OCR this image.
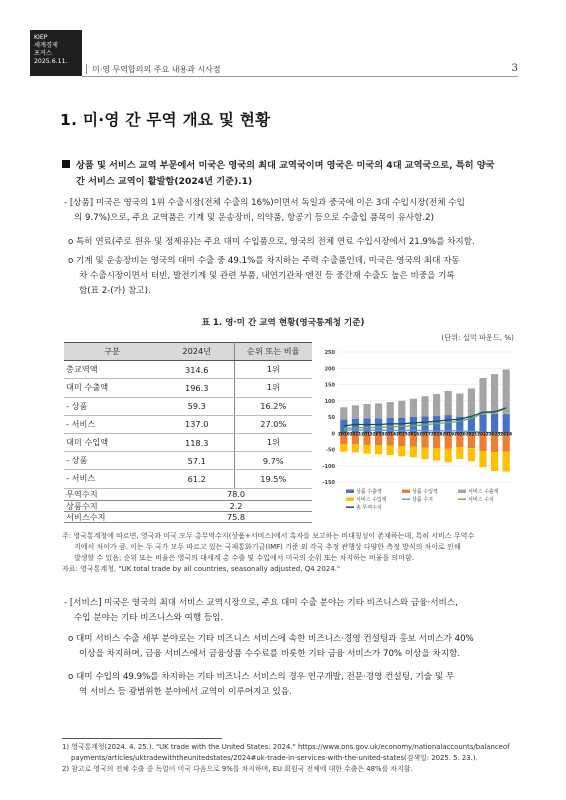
KIEP
세계경제
포커스
2025.6.11.
미·영 무역합의의 주요 내용과 시사점	3
1. 미·영 간 무역 개요 및 현황
상품 및 서비스 교역 부문에서 미국은 영국의 최대 교역국이며 영국은 미국의 4대 교역국으로, 특히 양국
간 서비스 교역이 활발함(2024년 기준).1)
- [상품] 미국은 영국의 1위 수출시장(전체 수출의 16%)이면서 독일과 중국에 이은 3대 수입시장(전체 수입
의 9.7%)으로, 주요 교역품은 기계 및 운송장비, 의약품, 항공기 등으로 수출입 품목이 유사함.2)
o 특히 연료(주로 원유 및 정제유)는 주요 대미 수입품으로, 영국의 전체 연료 수입시장에서 21.9%를 차지함.
o 기계 및 운송장비는 영국의 대미 수출 중 49.1%를 차지하는 주력 수출품인데, 미국은 영국의 최대 자동
차 수출시장이면서 터빈, 발전기계 및 관련 부품, 내연기관차 엔진 등 중간재 수출도 높은 비중을 기록
함(표 2-(가) 참고).
표 1. 영·미 간 교역 현황(영국통계청 기준)
(단위: 십억 파운드, %)
구분	2024년	순위 또는 비율
총교역액	314.6	1위
대미 수출액	196.3	1위
- 상품	59.3	16.2%
- 서비스	137.0	27.0%
대미 수입액	118.3	1위
- 상품	57.1	9.7%
- 서비스	61.2	19.5%
무역수지	78.0
상품수지	2.2
서비스수지	75.8
-150
-100
-50
0
50
100
150
200
250
2010 2011 2012 2013 2014 2015 2016 2017 2018 2019 2020 2021 2022 2023 2024
상품 수출액	상품 수입액	서비스 수출액
서비스 수입액	상품 수지	서비스 수지
총 무역수지
주: 영국통계청에 따르면, 영국과 미국 모두 총무역수지(상품+서비스)에서 흑자를 보고하는 비대칭성이 존재하는데, 특히 서비스 무역수
지에서 차이가 큼. 이는 두 국가 모두 따르고 있는 국제통화기금(IMF) 기준 외 각국 추정 관행상 다양한 측정 방식의 차이로 인해
발생할 수 있음; 순위 또는 비율은 영국의 대세계 총 수출 및 수입에서 미국의 순위 또는 차지하는 비율을 의미함.
자료: 영국통계청, "UK total trade by all countries, seasonally adjusted, Q4 2024."
- [서비스] 미국은 영국의 최대 서비스 교역시장으로, 주요 대미 수출 분야는 기타 비즈니스와 금융·서비스,
수입 분야는 기타 비즈니스와 여행 등임.
o 대미 서비스 수출 세부 분야로는 기타 비즈니스 서비스에 속한 비즈니스·경영 컨설팅과 홍보 서비스가 40%
이상을 차지하며, 금융 서비스에서 금융상품 수수료를 비롯한 기타 금융 서비스가 70% 이상을 차지함.
o 대미 수입의 49.9%를 차지하는 기타 비즈니스 서비스의 경우 연구개발, 전문·경영 컨설팅, 기술 및 무
역 서비스 등 광범위한 분야에서 교역이 이루어지고 있음.
1) 영국통계청(2024. 4. 25.). "UK trade with the United States: 2024." https://www.ons.gov.uk/economy/nationalaccounts/balanceof
payments/articles/uktradewiththeunitedstates/2024#uk-trade-in-services-with-the-united-states(검색일: 2025. 5. 23.).
2) 참고로 영국의 전체 수출 중 독일이 미국 다음으로 9%를 차지하며, EU 회원국 전체에 대한 수출은 48%를 차지함.
